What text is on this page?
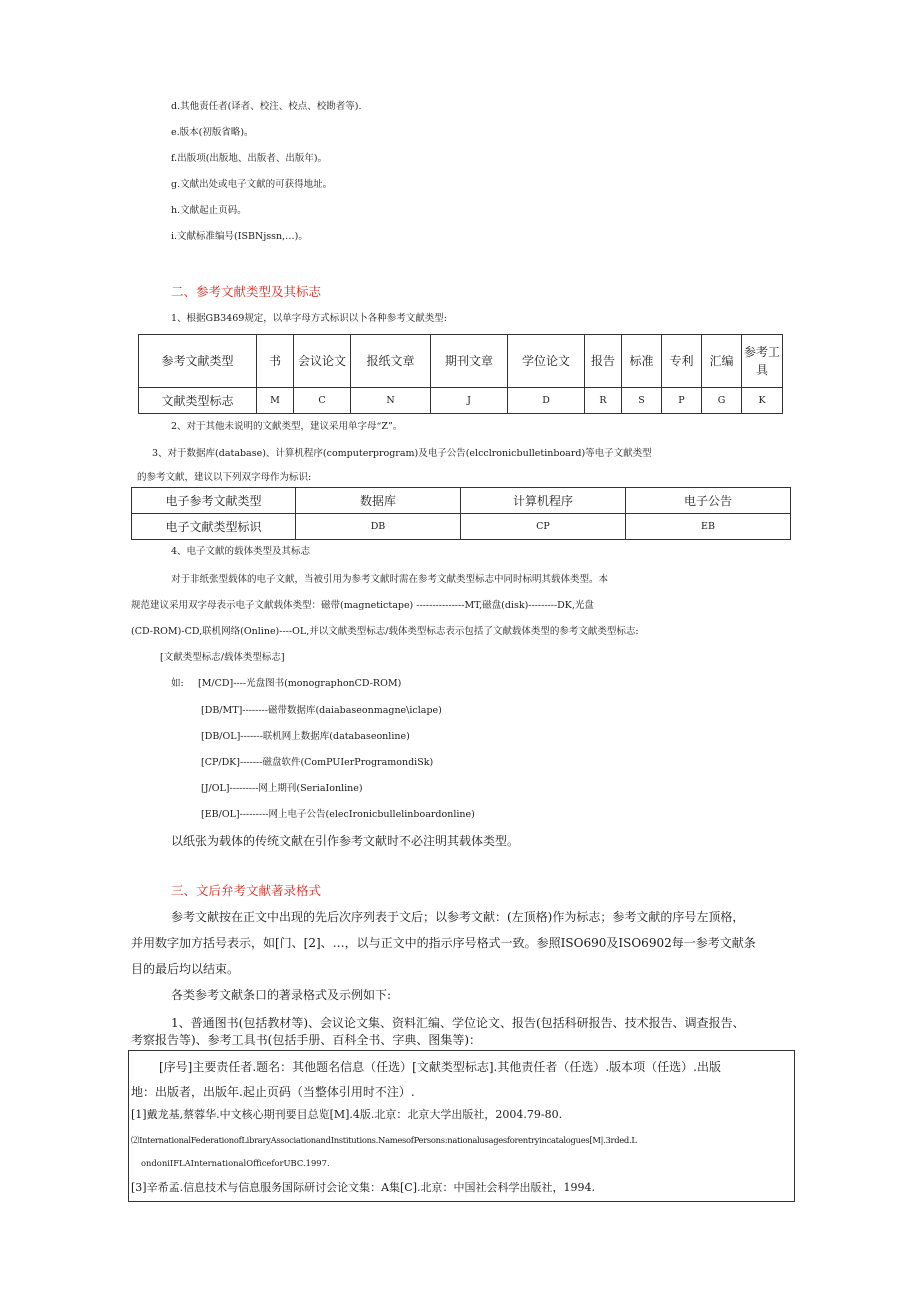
d.其他责任者(译者、校注、校点、校勘者等).
e.版本(初版省略)。
f.出版项(出版地、出版者、出版年)。
g.文献出处或电子文献的可获得地址。
h.文献起止页码。
i.文献标准编号(ISBNjssn,…)。
二、参考文献类型及其标志
1、根据GB3469规定，以单字母方式标识以卜各种参考文献类型:
参考文献类型	书	会议论文	报纸文章	期刊文章	学位论文	报告	标准	专利	汇编	参考工具
文献类型标志	M	C	N	J	D	R	S	P	G	K
2、对于其他未说明的文献类型，建议采用单字母“Z”。
3、对于数据库(database)、计算机程序(computerprogram)及电子公告(elcclronicbulletinboard)等电子文献类型
的参考文献，建议以下列双字母作为标识:
电子参考文献类型	数据库	计算机程序	电子公告
电子文献类型标识	DB	CP	EB
4、电子文献的载体类型及其标志
对于非纸张型载体的电子文献，当被引用为参考文献时需在参考文献类型标志中同时标明其载体类型。本
规范建议采用双字母表示电子文献载体类型：磁带(magnetictape) ---------------MT,磁盘(disk)---------DK,光盘
(CD-ROM)-CD,联机网络(Online)----OL,并以文献类型标志/载体类型标志表示包括了文献载体类型的参考文献类型标志:
[文献类型标志/载体类型标志]
如: [M/CD]----光盘图书(monographonCD-ROM)
[DB/MT]--------磁带数据库(daiabaseonmagne\iclape)
[DB/OL]-------联机网上数据库(databaseonline)
[CP/DK]-------磁盘软件(ComPUIerProgramondiSk)
[J/OL]---------网上期刊(SeriaIonline)
[EB/OL]---------网上电子公告(elecIronicbullelinboardonline)
以纸张为载体的传统文献在引作参考文献时不必注明其载体类型。
三、文后弁考文献著录格式
参考文献按在正文中出现的先后次序列表于文后；以参考文献：(左顶格)作为标志；参考文献的序号左顶格，
并用数字加方括号表示，如[门、[2]、…，以与正文中的指示序号格式一致。参照ISO690及ISO6902每一参考文献条
目的最后均以结束。
各类参考文献条口的著录格式及示例如下:
1、普通图书(包括教材等)、会议论文集、资料汇编、学位论文、报告(包括科研报告、技术报告、调查报告、
考察报告等)、参考工具书(包括手册、百科全书、字典、图集等)：
[序号]主要责任者.题名：其他题名信息（任选）[文献类型标志].其他责任者（任选）.版本项（任选）.出版
地：出版者，出版年.起止页码（当整体引用时不注）.
[1]戴龙基,蔡蓉华.中文核心期刊要目总览[M].4版.北京：北京大学出版社，2004.79-80.
⑵InternationalFederationofLibraryAssociationandInstitutions.NamesofPersons:nationalusagesforentryincatalogues[M|.3rded.L
ondoniIFLAInternationalOfficeforUBC.1997.
[3]辛希孟.信息技术与信息服务国际研讨会论文集：A集[C].北京：中国社会科学出版社，1994.
